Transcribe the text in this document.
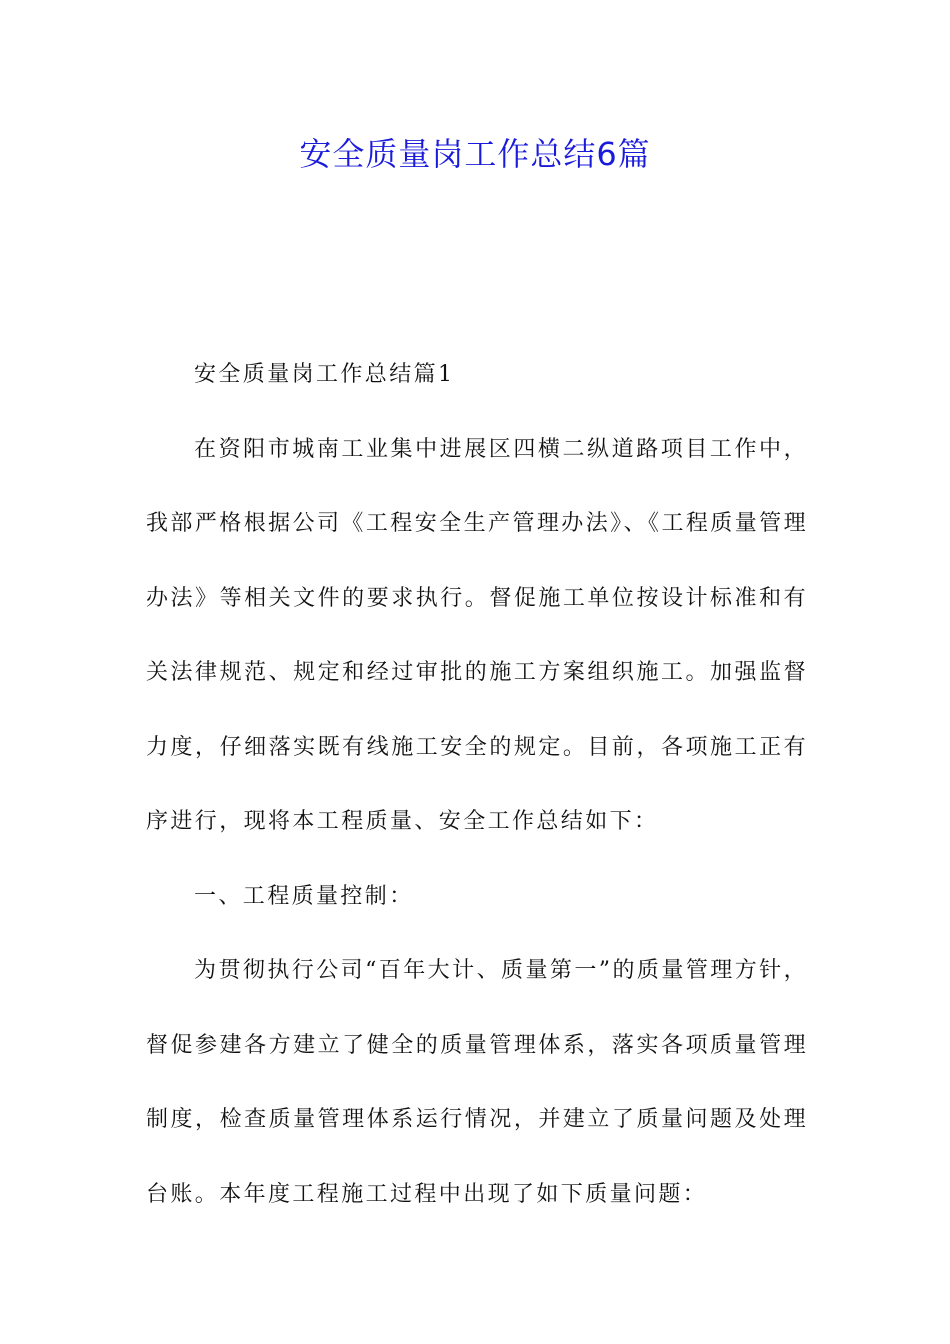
安全质量岗工作总结6篇

安全质量岗工作总结篇1

在资阳市城南工业集中进展区四横二纵道路项目工作中，我部严格根据公司《工程安全生产管理办法》、《工程质量管理办法》等相关文件的要求执行。督促施工单位按设计标准和有关法律规范、规定和经过审批的施工方案组织施工。加强监督力度，仔细落实既有线施工安全的规定。目前，各项施工正有序进行，现将本工程质量、安全工作总结如下：

一、工程质量控制：

为贯彻执行公司“百年大计、质量第一”的质量管理方针，督促参建各方建立了健全的质量管理体系，落实各项质量管理制度，检查质量管理体系运行情况，并建立了质量问题及处理台账。本年度工程施工过程中出现了如下质量问题：
